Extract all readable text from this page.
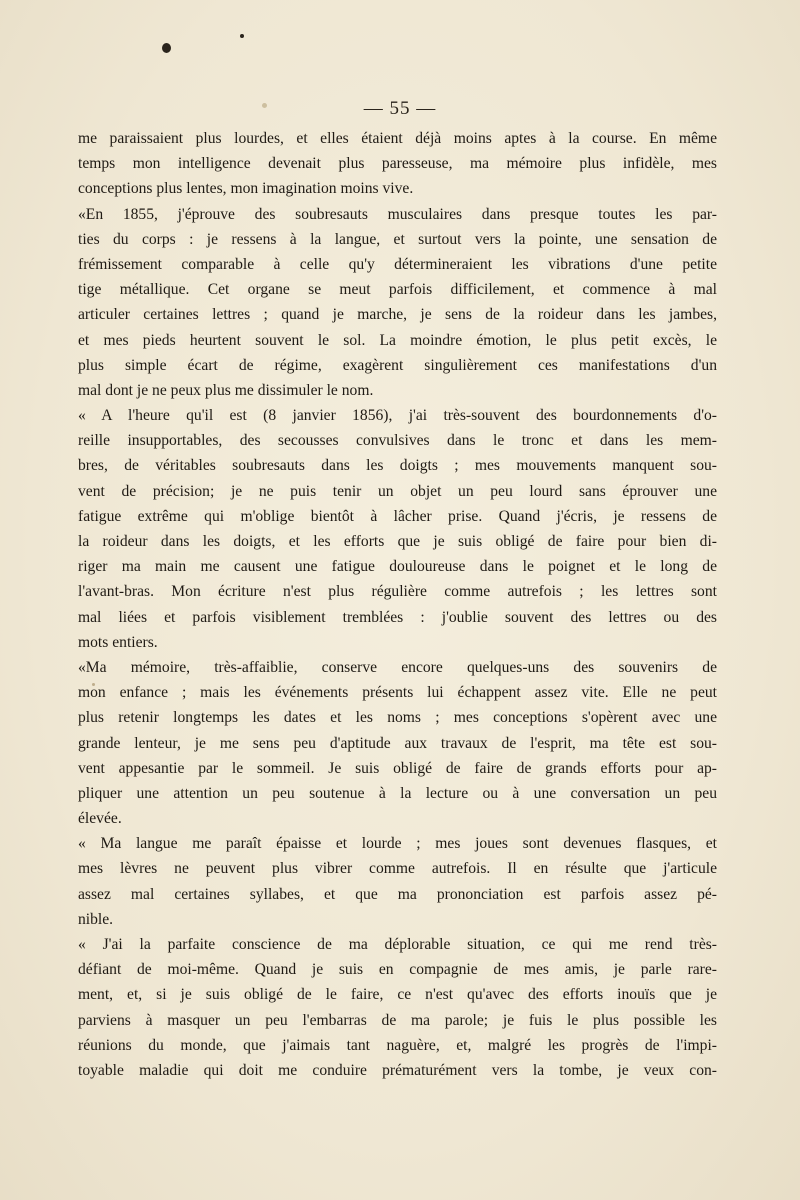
— 55 —
me paraissaient plus lourdes, et elles étaient déjà moins aptes à la course. En même
temps mon intelligence devenait plus paresseuse, ma mémoire plus infidèle, mes
conceptions plus lentes, mon imagination moins vive.
«En 1855, j'éprouve des soubresauts musculaires dans presque toutes les par-
ties du corps : je ressens à la langue, et surtout vers la pointe, une sensation de
frémissement comparable à celle qu'y détermineraient les vibrations d'une petite
tige métallique. Cet organe se meut parfois difficilement, et commence à mal
articuler certaines lettres ; quand je marche, je sens de la roideur dans les jambes,
et mes pieds heurtent souvent le sol. La moindre émotion, le plus petit excès, le
plus simple écart de régime, exagèrent singulièrement ces manifestations d'un
mal dont je ne peux plus me dissimuler le nom.
« A l'heure qu'il est (8 janvier 1856), j'ai très-souvent des bourdonnements d'o-
reille insupportables, des secousses convulsives dans le tronc et dans les mem-
bres, de véritables soubresauts dans les doigts ; mes mouvements manquent sou-
vent de précision; je ne puis tenir un objet un peu lourd sans éprouver une
fatigue extrême qui m'oblige bientôt à lâcher prise. Quand j'écris, je ressens de
la roideur dans les doigts, et les efforts que je suis obligé de faire pour bien di-
riger ma main me causent une fatigue douloureuse dans le poignet et le long de
l'avant-bras. Mon écriture n'est plus régulière comme autrefois ; les lettres sont
mal liées et parfois visiblement tremblées : j'oublie souvent des lettres ou des
mots entiers.
«Ma mémoire, très-affaiblie, conserve encore quelques-uns des souvenirs de
mon enfance ; mais les événements présents lui échappent assez vite. Elle ne peut
plus retenir longtemps les dates et les noms ; mes conceptions s'opèrent avec une
grande lenteur, je me sens peu d'aptitude aux travaux de l'esprit, ma tête est sou-
vent appesantie par le sommeil. Je suis obligé de faire de grands efforts pour ap-
pliquer une attention un peu soutenue à la lecture ou à une conversation un peu
élevée.
« Ma langue me paraît épaisse et lourde ; mes joues sont devenues flasques, et
mes lèvres ne peuvent plus vibrer comme autrefois. Il en résulte que j'articule
assez mal certaines syllabes, et que ma prononciation est parfois assez pé-
nible.
« J'ai la parfaite conscience de ma déplorable situation, ce qui me rend très-
défiant de moi-même. Quand je suis en compagnie de mes amis, je parle rare-
ment, et, si je suis obligé de le faire, ce n'est qu'avec des efforts inouïs que je
parviens à masquer un peu l'embarras de ma parole; je fuis le plus possible les
réunions du monde, que j'aimais tant naguère, et, malgré les progrès de l'impi-
toyable maladie qui doit me conduire prématurément vers la tombe, je veux con-
